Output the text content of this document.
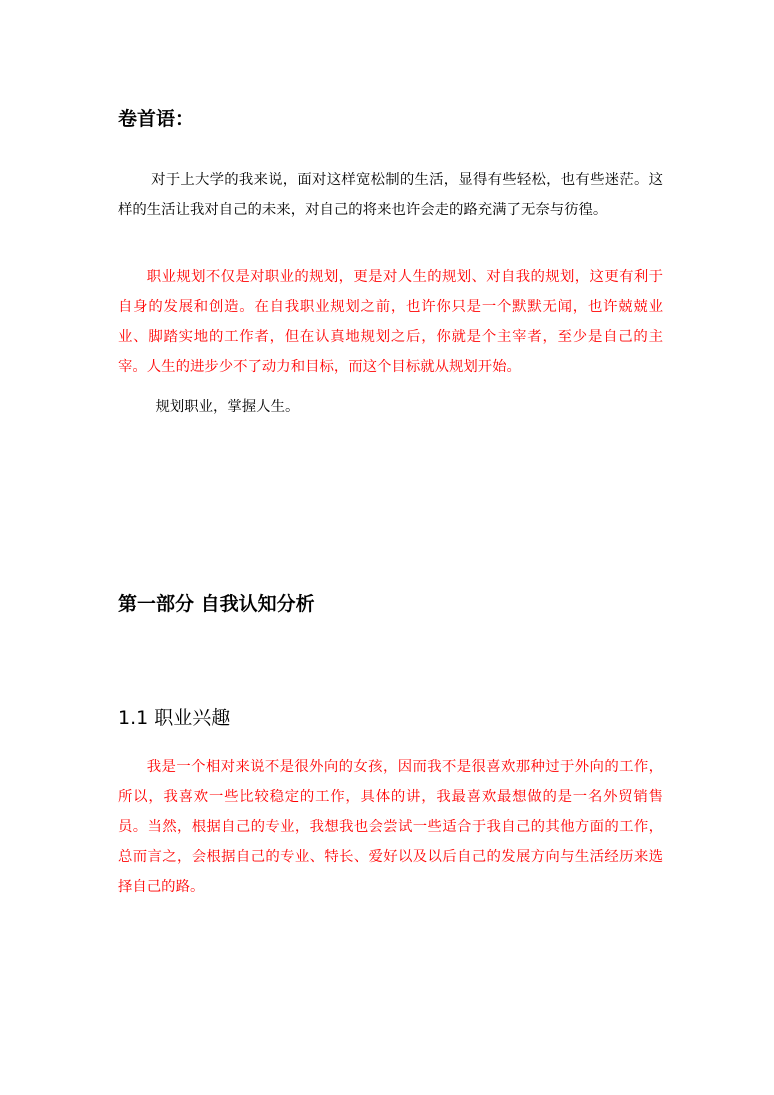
卷首语：
对于上大学的我来说，面对这样宽松制的生活，显得有些轻松，也有些迷茫。这样的生活让我对自己的未来，对自己的将来也许会走的路充满了无奈与彷徨。
职业规划不仅是对职业的规划，更是对人生的规划、对自我的规划，这更有利于自身的发展和创造。在自我职业规划之前，也许你只是一个默默无闻，也许兢兢业业、脚踏实地的工作者，但在认真地规划之后，你就是个主宰者，至少是自己的主宰。人生的进步少不了动力和目标，而这个目标就从规划开始。
规划职业，掌握人生。
第一部分 自我认知分析
1.1 职业兴趣
我是一个相对来说不是很外向的女孩，因而我不是很喜欢那种过于外向的工作，所以，我喜欢一些比较稳定的工作，具体的讲，我最喜欢最想做的是一名外贸销售员。当然，根据自己的专业，我想我也会尝试一些适合于我自己的其他方面的工作，总而言之，会根据自己的专业、特长、爱好以及以后自己的发展方向与生活经历来选择自己的路。
